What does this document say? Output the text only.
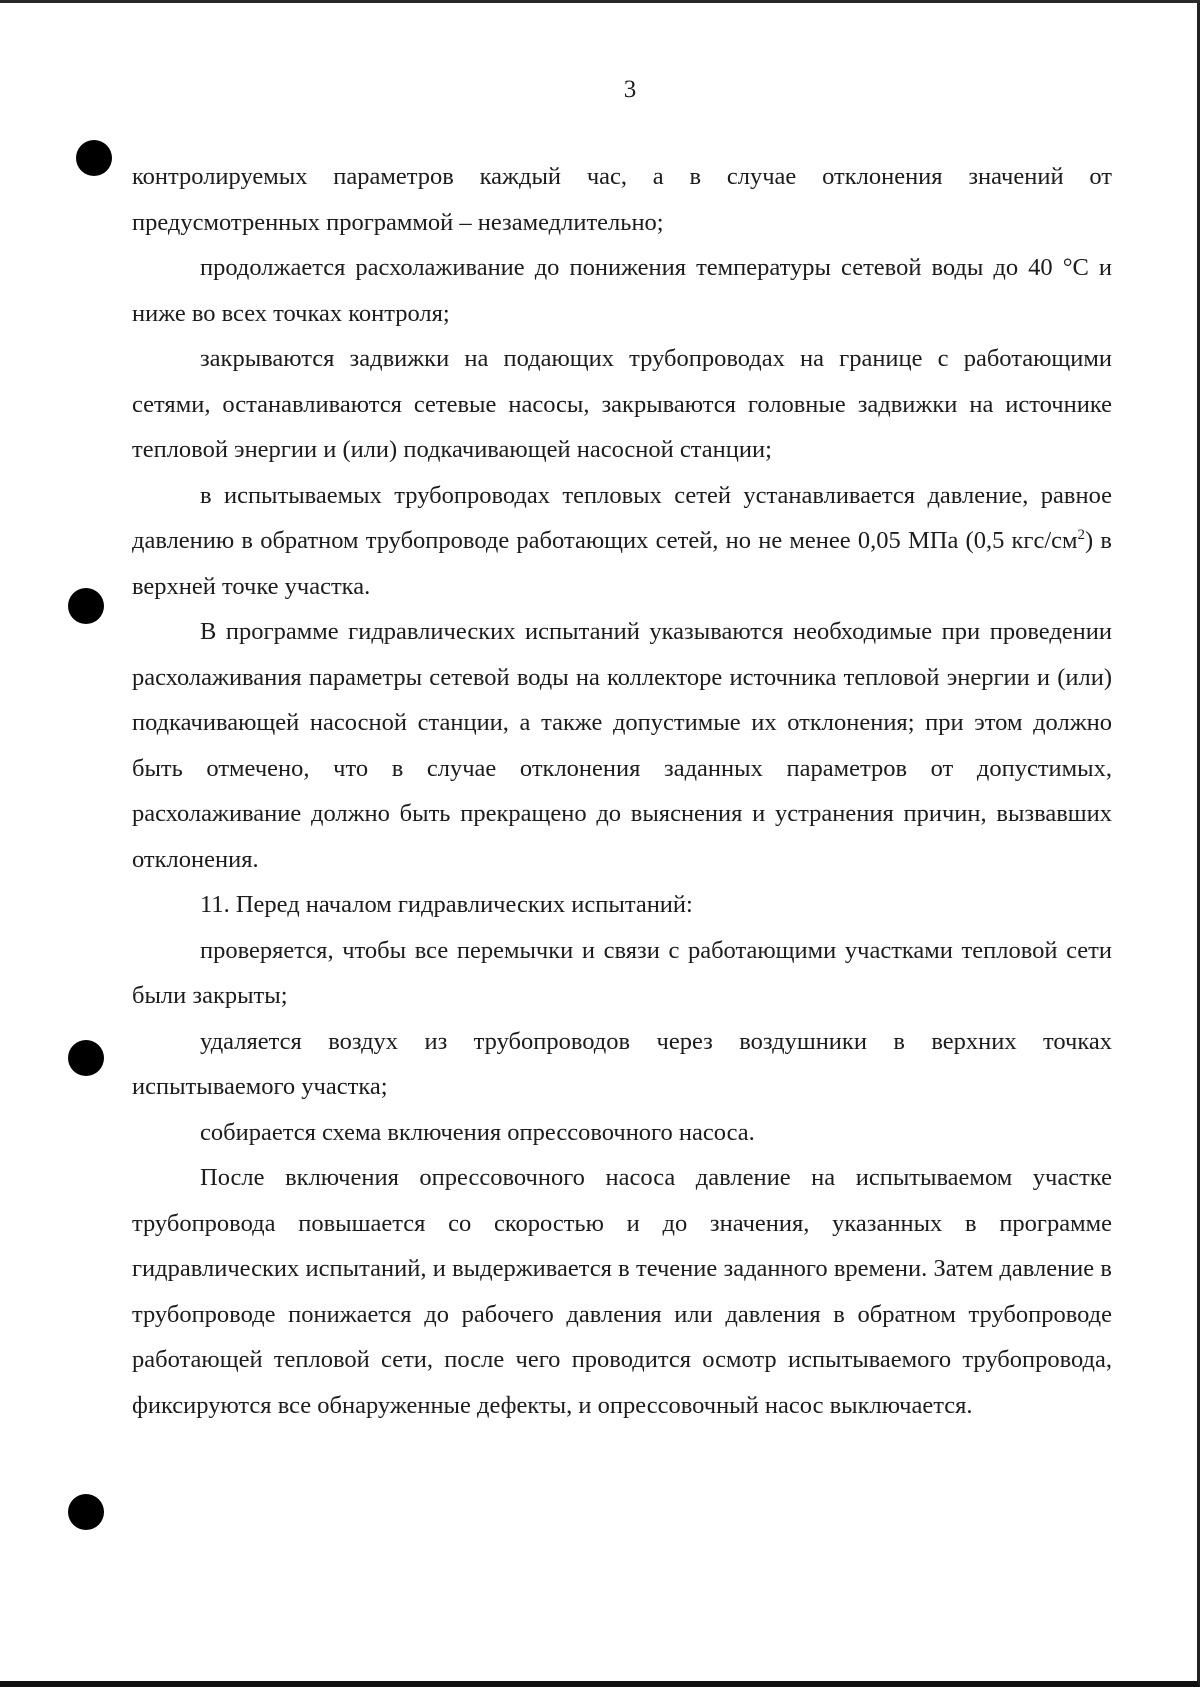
3

контролируемых параметров каждый час, а в случае отклонения значений от предусмотренных программой – незамедлительно;

продолжается расхолаживание до понижения температуры сетевой воды до 40 °С и ниже во всех точках контроля;

закрываются задвижки на подающих трубопроводах на границе с работающими сетями, останавливаются сетевые насосы, закрываются головные задвижки на источнике тепловой энергии и (или) подкачивающей насосной станции;

в испытываемых трубопроводах тепловых сетей устанавливается давление, равное давлению в обратном трубопроводе работающих сетей, но не менее 0,05 МПа (0,5 кгс/$см^2$) в верхней точке участка.

В программе гидравлических испытаний указываются необходимые при проведении расхолаживания параметры сетевой воды на коллекторе источника тепловой энергии и (или) подкачивающей насосной станции, а также допустимые их отклонения; при этом должно быть отмечено, что в случае отклонения заданных параметров от допустимых, расхолаживание должно быть прекращено до выяснения и устранения причин, вызвавших отклонения.

11. Перед началом гидравлических испытаний:

проверяется, чтобы все перемычки и связи с работающими участками тепловой сети были закрыты;

удаляется воздух из трубопроводов через воздушники в верхних точках испытываемого участка;

собирается схема включения опрессовочного насоса.

После включения опрессовочного насоса давление на испытываемом участке трубопровода повышается со скоростью и до значения, указанных в программе гидравлических испытаний, и выдерживается в течение заданного времени. Затем давление в трубопроводе понижается до рабочего давления или давления в обратном трубопроводе работающей тепловой сети, после чего проводится осмотр испытываемого трубопровода, фиксируются все обнаруженные дефекты, и опрессовочный насос выключается.
